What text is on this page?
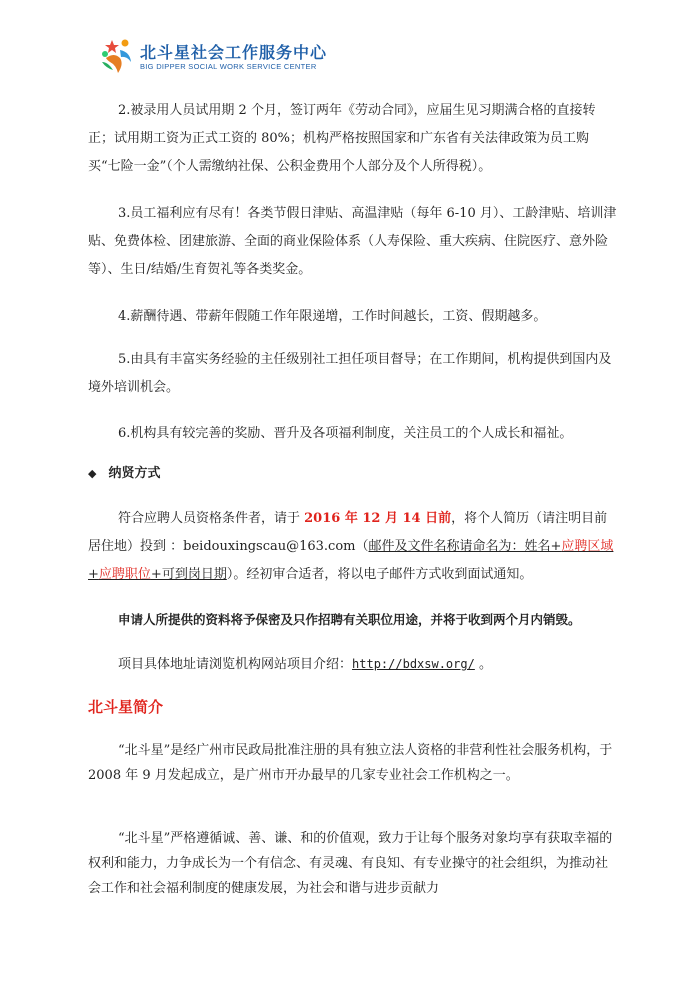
北斗星社会工作服务中心
BIG DIPPER SOCIAL WORK SERVICE CENTER

2.被录用人员试用期 2 个月，签订两年《劳动合同》，应届生见习期满合格的直接转正；试用期工资为正式工资的 80%；机构严格按照国家和广东省有关法律政策为员工购买“七险一金”（个人需缴纳社保、公积金费用个人部分及个人所得税）。

3.员工福利应有尽有！各类节假日津贴、高温津贴（每年 6-10 月）、工龄津贴、培训津贴、免费体检、团建旅游、全面的商业保险体系（人寿保险、重大疾病、住院医疗、意外险等）、生日/结婚/生育贺礼等各类奖金。

4.薪酬待遇、带薪年假随工作年限递增，工作时间越长，工资、假期越多。

5.由具有丰富实务经验的主任级别社工担任项目督导；在工作期间，机构提供到国内及境外培训机会。

6.机构具有较完善的奖励、晋升及各项福利制度，关注员工的个人成长和福祉。

◆ 纳贤方式

符合应聘人员资格条件者，请于 2016 年 12 月 14 日前，将个人简历（请注明目前居住地）投到 ：beidouxingscau@163.com（邮件及文件名称请命名为：姓名+应聘区域+应聘职位+可到岗日期）。经初审合适者，将以电子邮件方式收到面试通知。

申请人所提供的资料将予保密及只作招聘有关职位用途，并将于收到两个月内销毁。

项目具体地址请浏览机构网站项目介绍：http://bdxsw.org/ 。

北斗星简介

“北斗星”是经广州市民政局批准注册的具有独立法人资格的非营利性社会服务机构，于 2008 年 9 月发起成立，是广州市开办最早的几家专业社会工作机构之一。

“北斗星”严格遵循诚、善、谦、和的价值观，致力于让每个服务对象均享有获取幸福的权利和能力，力争成长为一个有信念、有灵魂、有良知、有专业操守的社会组织，为推动社会工作和社会福利制度的健康发展，为社会和谐与进步贡献力
